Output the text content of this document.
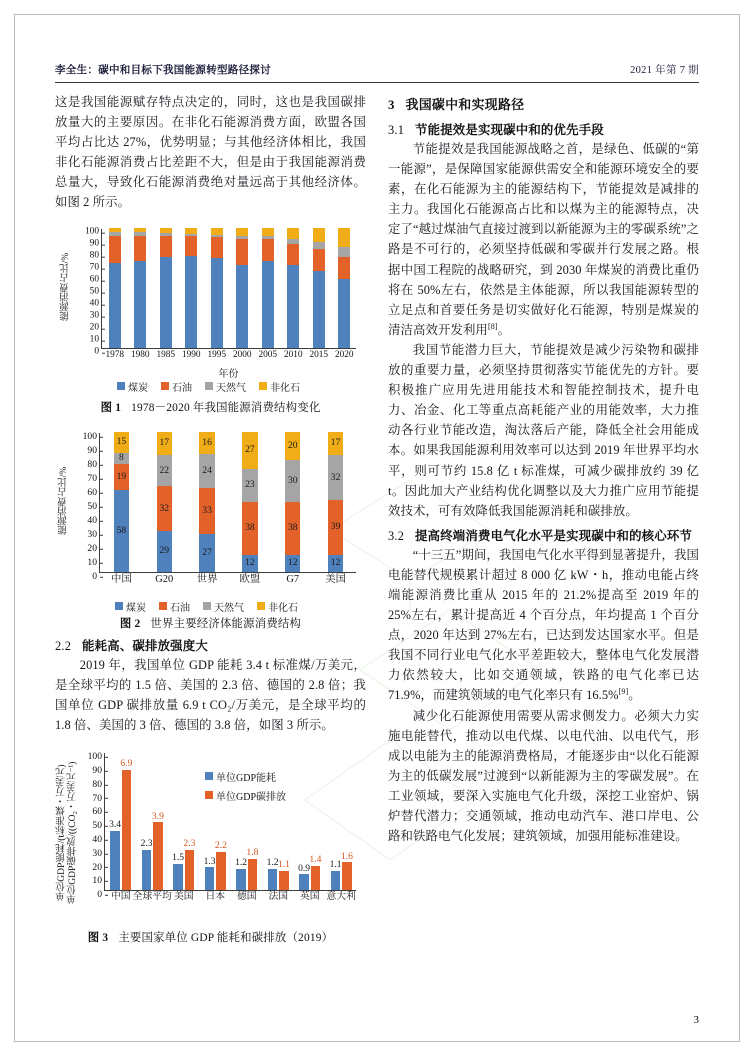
李全生：碳中和目标下我国能源转型路径探讨	2021 年第 7 期

这是我国能源赋存特点决定的，同时，这也是我国碳排放量大的主要原因。在非化石能源消费方面，欧盟各国平均占比达 27%，优势明显；与其他经济体相比，我国非化石能源消费占比差距不大，但是由于我国能源消费总量大，导致化石能源消费绝对量远高于其他经济体。如图 2 所示。

能源消费占比/%
0
10
20
30
40
50
60
70
80
90
100
1978 1980 1985 1990 1995 2000 2005 2010 2015 2020
年份
煤炭 石油 天然气 非化石
图 1 1978－2020 年我国能源消费结构变化
能源消费占比/%
0
10
20
30
40
50
60
70
80
90
100
58
19
8
15
中国
29
32
22
17
G20
27
33
24
16
世界
12
38
23
27
欧盟
12
38
30
20
G7
12
39
32
17
美国
煤炭 石油 天然气 非化石
图 2 世界主要经济体能源消费结构
2.2 能耗高、碳排放强度大

2019 年，我国单位 GDP 能耗 3.4 t 标准煤/万美元，是全球平均的 1.5 倍、美国的 2.3 倍、德国的 2.8 倍；我国单位 GDP 碳排放量 6.9 t CO₂/万美元，是全球平均的 1.8 倍、美国的 3 倍、德国的 3.8 倍，如图 3 所示。

单位GDP能耗/(t标准煤・万美元) 单位GDP碳排放/((CO₂・万美元⁻¹) 0
10
20
30
40
50
60
70
80
90
100
3.4
6.9
中国
2.3
3.9
全球平均
1.5
2.3
美国
1.3
2.2
日本
1.2
1.8
德国
1.2 1.1
法国
0.9
1.4
英国
1.1
1.6
意大利
单位GDP能耗
单位GDP碳排放
图 3 主要国家单位 GDP 能耗和碳排放（2019）
3 我国碳中和实现路径
3.1 节能提效是实现碳中和的优先手段

节能提效是我国能源战略之首，是绿色、低碳的“第一能源”，是保障国家能源供需安全和能源环境安全的要素，在化石能源为主的能源结构下，节能提效是减排的主力。我国化石能源高占比和以煤为主的能源特点，决定了“越过煤油气直接过渡到以新能源为主的零碳系统”之路是不可行的，必须坚持低碳和零碳并行发展之路。根据中国工程院的战略研究，到 2030 年煤炭的消费比重仍将在 50%左右，依然是主体能源，所以我国能源转型的立足点和首要任务是切实做好化石能源，特别是煤炭的清洁高效开发利用[8]。

我国节能潜力巨大，节能提效是减少污染物和碳排放的重要力量，必须坚持贯彻落实节能优先的方针。要积极推广应用先进用能技术和智能控制技术，提升电力、冶金、化工等重点高耗能产业的用能效率，大力推动各行业节能改造，淘汰落后产能，降低全社会用能成本。如果我国能源利用效率可以达到 2019 年世界平均水平，则可节约 15.8 亿 t 标准煤，可减少碳排放约 39 亿 t。因此加大产业结构优化调整以及大力推广应用节能提效技术，可有效降低我国能源消耗和碳排放。

3.2 提高终端消费电气化水平是实现碳中和的核心环节

“十三五”期间，我国电气化水平得到显著提升，我国电能替代规模累计超过 8 000 亿 kW・h，推动电能占终端能源消费比重从 2015 年的 21.2%提高至 2019 年的 25%左右，累计提高近 4 个百分点，年均提高 1 个百分点，2020 年达到 27%左右，已达到发达国家水平。但是我国不同行业电气化水平差距较大，整体电气化发展潜力依然较大，比如交通领域，铁路的电气化率已达 71.9%，而建筑领域的电气化率只有 16.5%[9]。

减少化石能源使用需要从需求侧发力。必须大力实施电能替代，推动以电代煤、以电代油、以电代气，形成以电能为主的能源消费格局，才能逐步由“以化石能源为主的低碳发展”过渡到“以新能源为主的零碳发展”。在工业领域，要深入实施电气化升级，深挖工业窑炉、锅炉替代潜力；交通领域，推动电动汽车、港口岸电、公路和铁路电气化发展；建筑领域，加强用能标准建设。

3
